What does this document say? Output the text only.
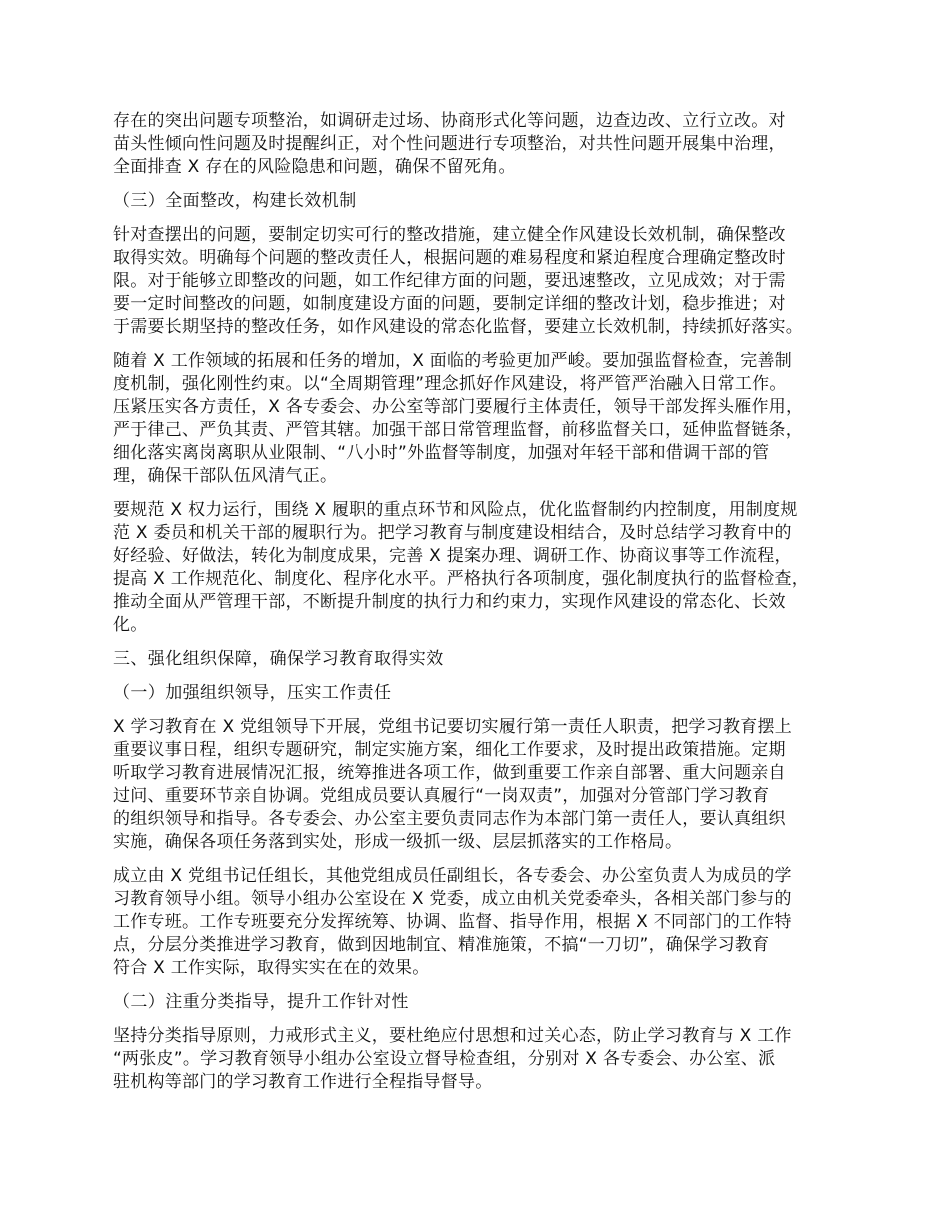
存在的突出问题专项整治，如调研走过场、协商形式化等问题，边查边改、立行立改。对
苗头性倾向性问题及时提醒纠正，对个性问题进行专项整治，对共性问题开展集中治理，
全面排查 X 存在的风险隐患和问题，确保不留死角。
（三）全面整改，构建长效机制
针对查摆出的问题，要制定切实可行的整改措施，建立健全作风建设长效机制，确保整改
取得实效。明确每个问题的整改责任人，根据问题的难易程度和紧迫程度合理确定整改时
限。对于能够立即整改的问题，如工作纪律方面的问题，要迅速整改，立见成效；对于需
要一定时间整改的问题，如制度建设方面的问题，要制定详细的整改计划，稳步推进；对
于需要长期坚持的整改任务，如作风建设的常态化监督，要建立长效机制，持续抓好落实。
随着 X 工作领域的拓展和任务的增加，X 面临的考验更加严峻。要加强监督检查，完善制
度机制，强化刚性约束。以“全周期管理”理念抓好作风建设，将严管严治融入日常工作。
压紧压实各方责任，X 各专委会、办公室等部门要履行主体责任，领导干部发挥头雁作用，
严于律己、严负其责、严管其辖。加强干部日常管理监督，前移监督关口，延伸监督链条，
细化落实离岗离职从业限制、“八小时”外监督等制度，加强对年轻干部和借调干部的管
理，确保干部队伍风清气正。
要规范 X 权力运行，围绕 X 履职的重点环节和风险点，优化监督制约内控制度，用制度规
范 X 委员和机关干部的履职行为。把学习教育与制度建设相结合，及时总结学习教育中的
好经验、好做法，转化为制度成果，完善 X 提案办理、调研工作、协商议事等工作流程，
提高 X 工作规范化、制度化、程序化水平。严格执行各项制度，强化制度执行的监督检查，
推动全面从严管理干部，不断提升制度的执行力和约束力，实现作风建设的常态化、长效
化。
三、强化组织保障，确保学习教育取得实效
（一）加强组织领导，压实工作责任
X 学习教育在 X 党组领导下开展，党组书记要切实履行第一责任人职责，把学习教育摆上
重要议事日程，组织专题研究，制定实施方案，细化工作要求，及时提出政策措施。定期
听取学习教育进展情况汇报，统筹推进各项工作，做到重要工作亲自部署、重大问题亲自
过问、重要环节亲自协调。党组成员要认真履行“一岗双责”，加强对分管部门学习教育
的组织领导和指导。各专委会、办公室主要负责同志作为本部门第一责任人，要认真组织
实施，确保各项任务落到实处，形成一级抓一级、层层抓落实的工作格局。
成立由 X 党组书记任组长，其他党组成员任副组长，各专委会、办公室负责人为成员的学
习教育领导小组。领导小组办公室设在 X 党委，成立由机关党委牵头，各相关部门参与的
工作专班。工作专班要充分发挥统筹、协调、监督、指导作用，根据 X 不同部门的工作特
点，分层分类推进学习教育，做到因地制宜、精准施策，不搞“一刀切”，确保学习教育
符合 X 工作实际，取得实实在在的效果。
（二）注重分类指导，提升工作针对性
坚持分类指导原则，力戒形式主义，要杜绝应付思想和过关心态，防止学习教育与 X 工作
“两张皮”。学习教育领导小组办公室设立督导检查组，分别对 X 各专委会、办公室、派
驻机构等部门的学习教育工作进行全程指导督导。
